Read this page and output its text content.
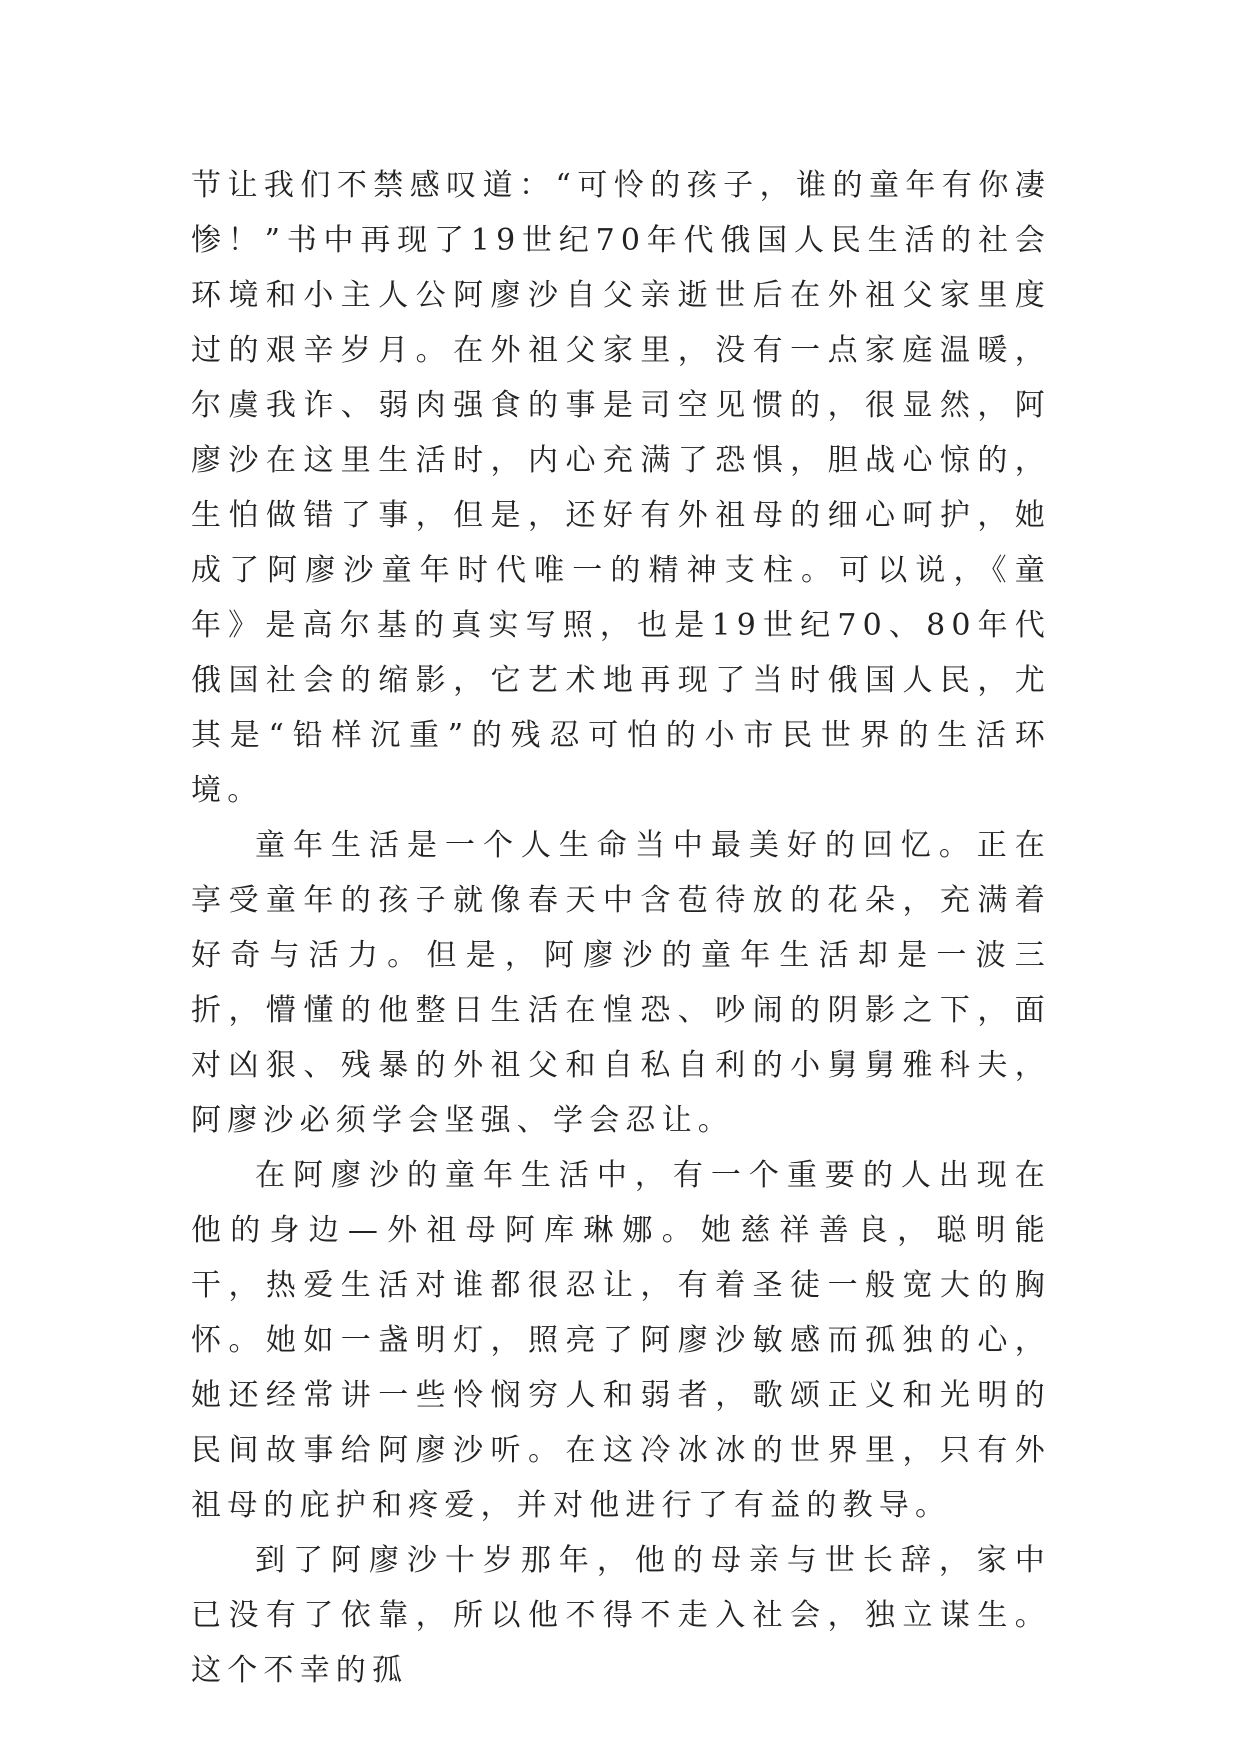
节让我们不禁感叹道：“可怜的孩子，谁的童年有你凄惨！”书中再现了19世纪70年代俄国人民生活的社会环境和小主人公阿廖沙自父亲逝世后在外祖父家里度过的艰辛岁月。在外祖父家里，没有一点家庭温暖，尔虞我诈、弱肉强食的事是司空见惯的，很显然，阿廖沙在这里生活时，内心充满了恐惧，胆战心惊的，生怕做错了事，但是，还好有外祖母的细心呵护，她成了阿廖沙童年时代唯一的精神支柱。可以说，《童年》是高尔基的真实写照，也是19世纪70、80年代俄国社会的缩影，它艺术地再现了当时俄国人民，尤其是“铅样沉重”的残忍可怕的小市民世界的生活环境。

童年生活是一个人生命当中最美好的回忆。正在享受童年的孩子就像春天中含苞待放的花朵，充满着好奇与活力。但是，阿廖沙的童年生活却是一波三折，懵懂的他整日生活在惶恐、吵闹的阴影之下，面对凶狠、残暴的外祖父和自私自利的小舅舅雅科夫，阿廖沙必须学会坚强、学会忍让。

在阿廖沙的童年生活中，有一个重要的人出现在他的身边—外祖母阿库琳娜。她慈祥善良，聪明能干，热爱生活对谁都很忍让，有着圣徒一般宽大的胸怀。她如一盏明灯，照亮了阿廖沙敏感而孤独的心，她还经常讲一些怜悯穷人和弱者，歌颂正义和光明的民间故事给阿廖沙听。在这冷冰冰的世界里，只有外祖母的庇护和疼爱，并对他进行了有益的教导。

到了阿廖沙十岁那年，他的母亲与世长辞，家中已没有了依靠，所以他不得不走入社会，独立谋生。这个不幸的孤
